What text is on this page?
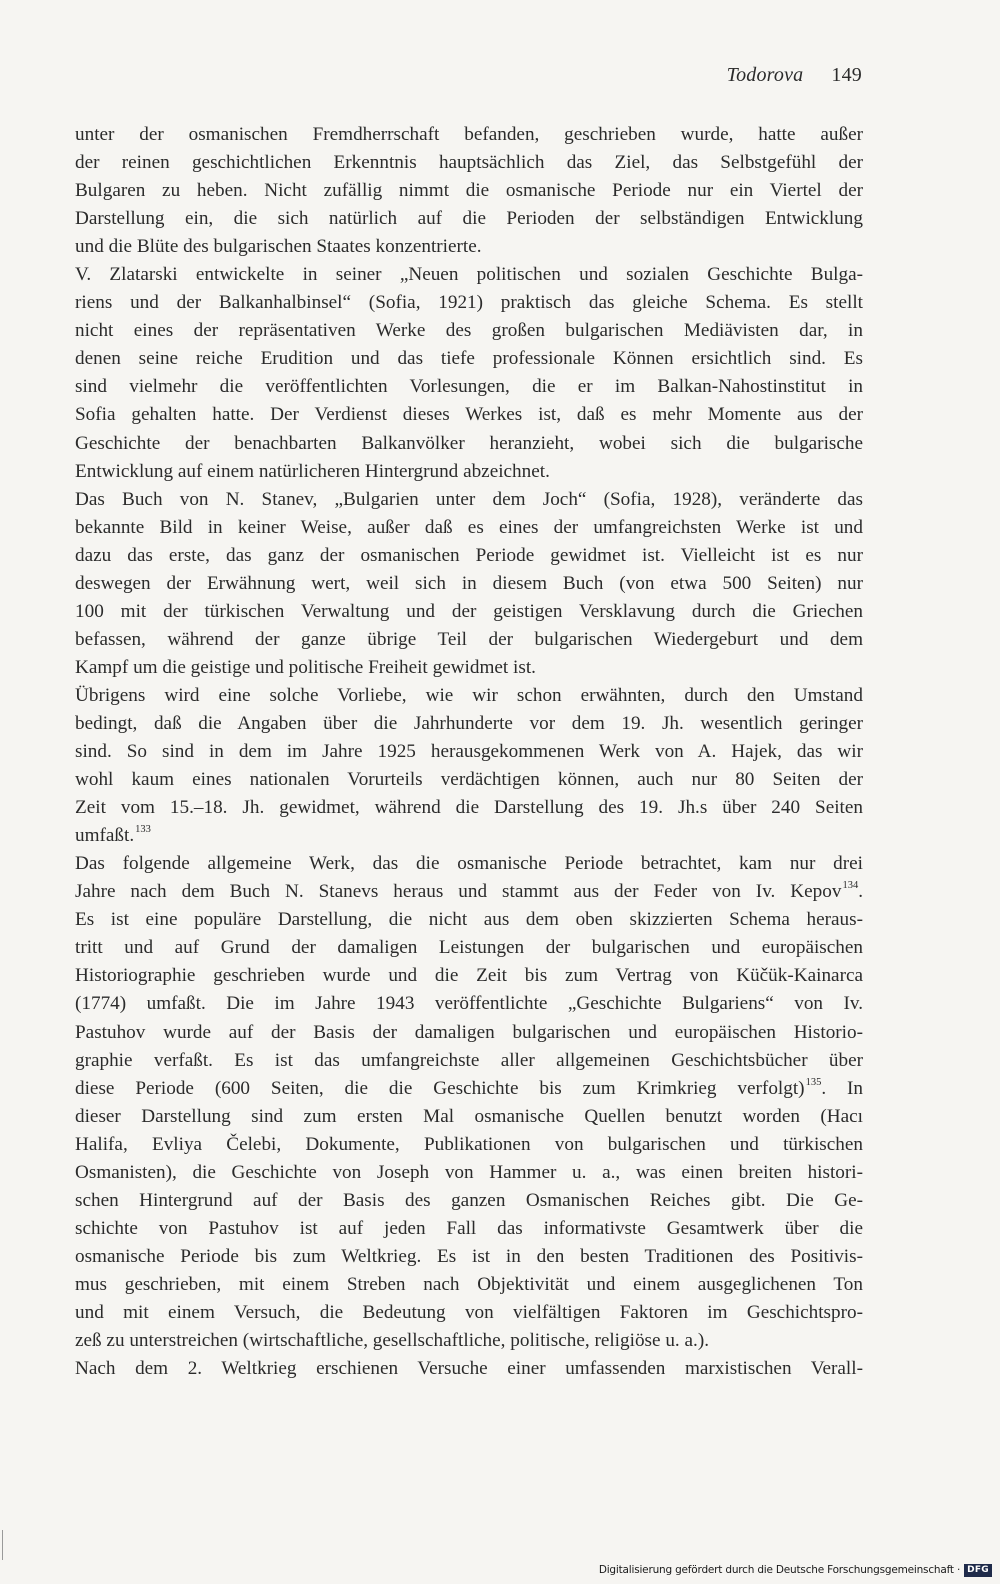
Todorova 149
unter der osmanischen Fremdherrschaft befanden, geschrieben wurde, hatte außer
der reinen geschichtlichen Erkenntnis hauptsächlich das Ziel, das Selbstgefühl der
Bulgaren zu heben. Nicht zufällig nimmt die osmanische Periode nur ein Viertel der
Darstellung ein, die sich natürlich auf die Perioden der selbständigen Entwicklung
und die Blüte des bulgarischen Staates konzentrierte.
V. Zlatarski entwickelte in seiner „Neuen politischen und sozialen Geschichte Bulga-
riens und der Balkanhalbinsel“ (Sofia, 1921) praktisch das gleiche Schema. Es stellt
nicht eines der repräsentativen Werke des großen bulgarischen Mediävisten dar, in
denen seine reiche Erudition und das tiefe professionale Können ersichtlich sind. Es
sind vielmehr die veröffentlichten Vorlesungen, die er im Balkan-Nahostinstitut in
Sofia gehalten hatte. Der Verdienst dieses Werkes ist, daß es mehr Momente aus der
Geschichte der benachbarten Balkanvölker heranzieht, wobei sich die bulgarische
Entwicklung auf einem natürlicheren Hintergrund abzeichnet.
Das Buch von N. Stanev, „Bulgarien unter dem Joch“ (Sofia, 1928), veränderte das
bekannte Bild in keiner Weise, außer daß es eines der umfangreichsten Werke ist und
dazu das erste, das ganz der osmanischen Periode gewidmet ist. Vielleicht ist es nur
deswegen der Erwähnung wert, weil sich in diesem Buch (von etwa 500 Seiten) nur
100 mit der türkischen Verwaltung und der geistigen Versklavung durch die Griechen
befassen, während der ganze übrige Teil der bulgarischen Wiedergeburt und dem
Kampf um die geistige und politische Freiheit gewidmet ist.
Übrigens wird eine solche Vorliebe, wie wir schon erwähnten, durch den Umstand
bedingt, daß die Angaben über die Jahrhunderte vor dem 19. Jh. wesentlich geringer
sind. So sind in dem im Jahre 1925 herausgekommenen Werk von A. Hajek, das wir
wohl kaum eines nationalen Vorurteils verdächtigen können, auch nur 80 Seiten der
Zeit vom 15.–18. Jh. gewidmet, während die Darstellung des 19. Jh.s über 240 Seiten
umfaßt.$^{133}$
Das folgende allgemeine Werk, das die osmanische Periode betrachtet, kam nur drei
Jahre nach dem Buch N. Stanevs heraus und stammt aus der Feder von Iv. Kepov$^{134}$.
Es ist eine populäre Darstellung, die nicht aus dem oben skizzierten Schema heraus-
tritt und auf Grund der damaligen Leistungen der bulgarischen und europäischen
Historiographie geschrieben wurde und die Zeit bis zum Vertrag von Küčük-Kainarca
(1774) umfaßt. Die im Jahre 1943 veröffentlichte „Geschichte Bulgariens“ von Iv.
Pastuhov wurde auf der Basis der damaligen bulgarischen und europäischen Historio-
graphie verfaßt. Es ist das umfangreichste aller allgemeinen Geschichtsbücher über
diese Periode (600 Seiten, die die Geschichte bis zum Krimkrieg verfolgt)$^{135}$. In
dieser Darstellung sind zum ersten Mal osmanische Quellen benutzt worden (Hacı
Halifa, Evliya Čelebi, Dokumente, Publikationen von bulgarischen und türkischen
Osmanisten), die Geschichte von Joseph von Hammer u. a., was einen breiten histori-
schen Hintergrund auf der Basis des ganzen Osmanischen Reiches gibt. Die Ge-
schichte von Pastuhov ist auf jeden Fall das informativste Gesamtwerk über die
osmanische Periode bis zum Weltkrieg. Es ist in den besten Traditionen des Positivis-
mus geschrieben, mit einem Streben nach Objektivität und einem ausgeglichenen Ton
und mit einem Versuch, die Bedeutung von vielfältigen Faktoren im Geschichtspro-
zeß zu unterstreichen (wirtschaftliche, gesellschaftliche, politische, religiöse u. a.).
Nach dem 2. Weltkrieg erschienen Versuche einer umfassenden marxistischen Verall-
Digitalisierung gefördert durch die Deutsche Forschungsgemeinschaft · DFG
